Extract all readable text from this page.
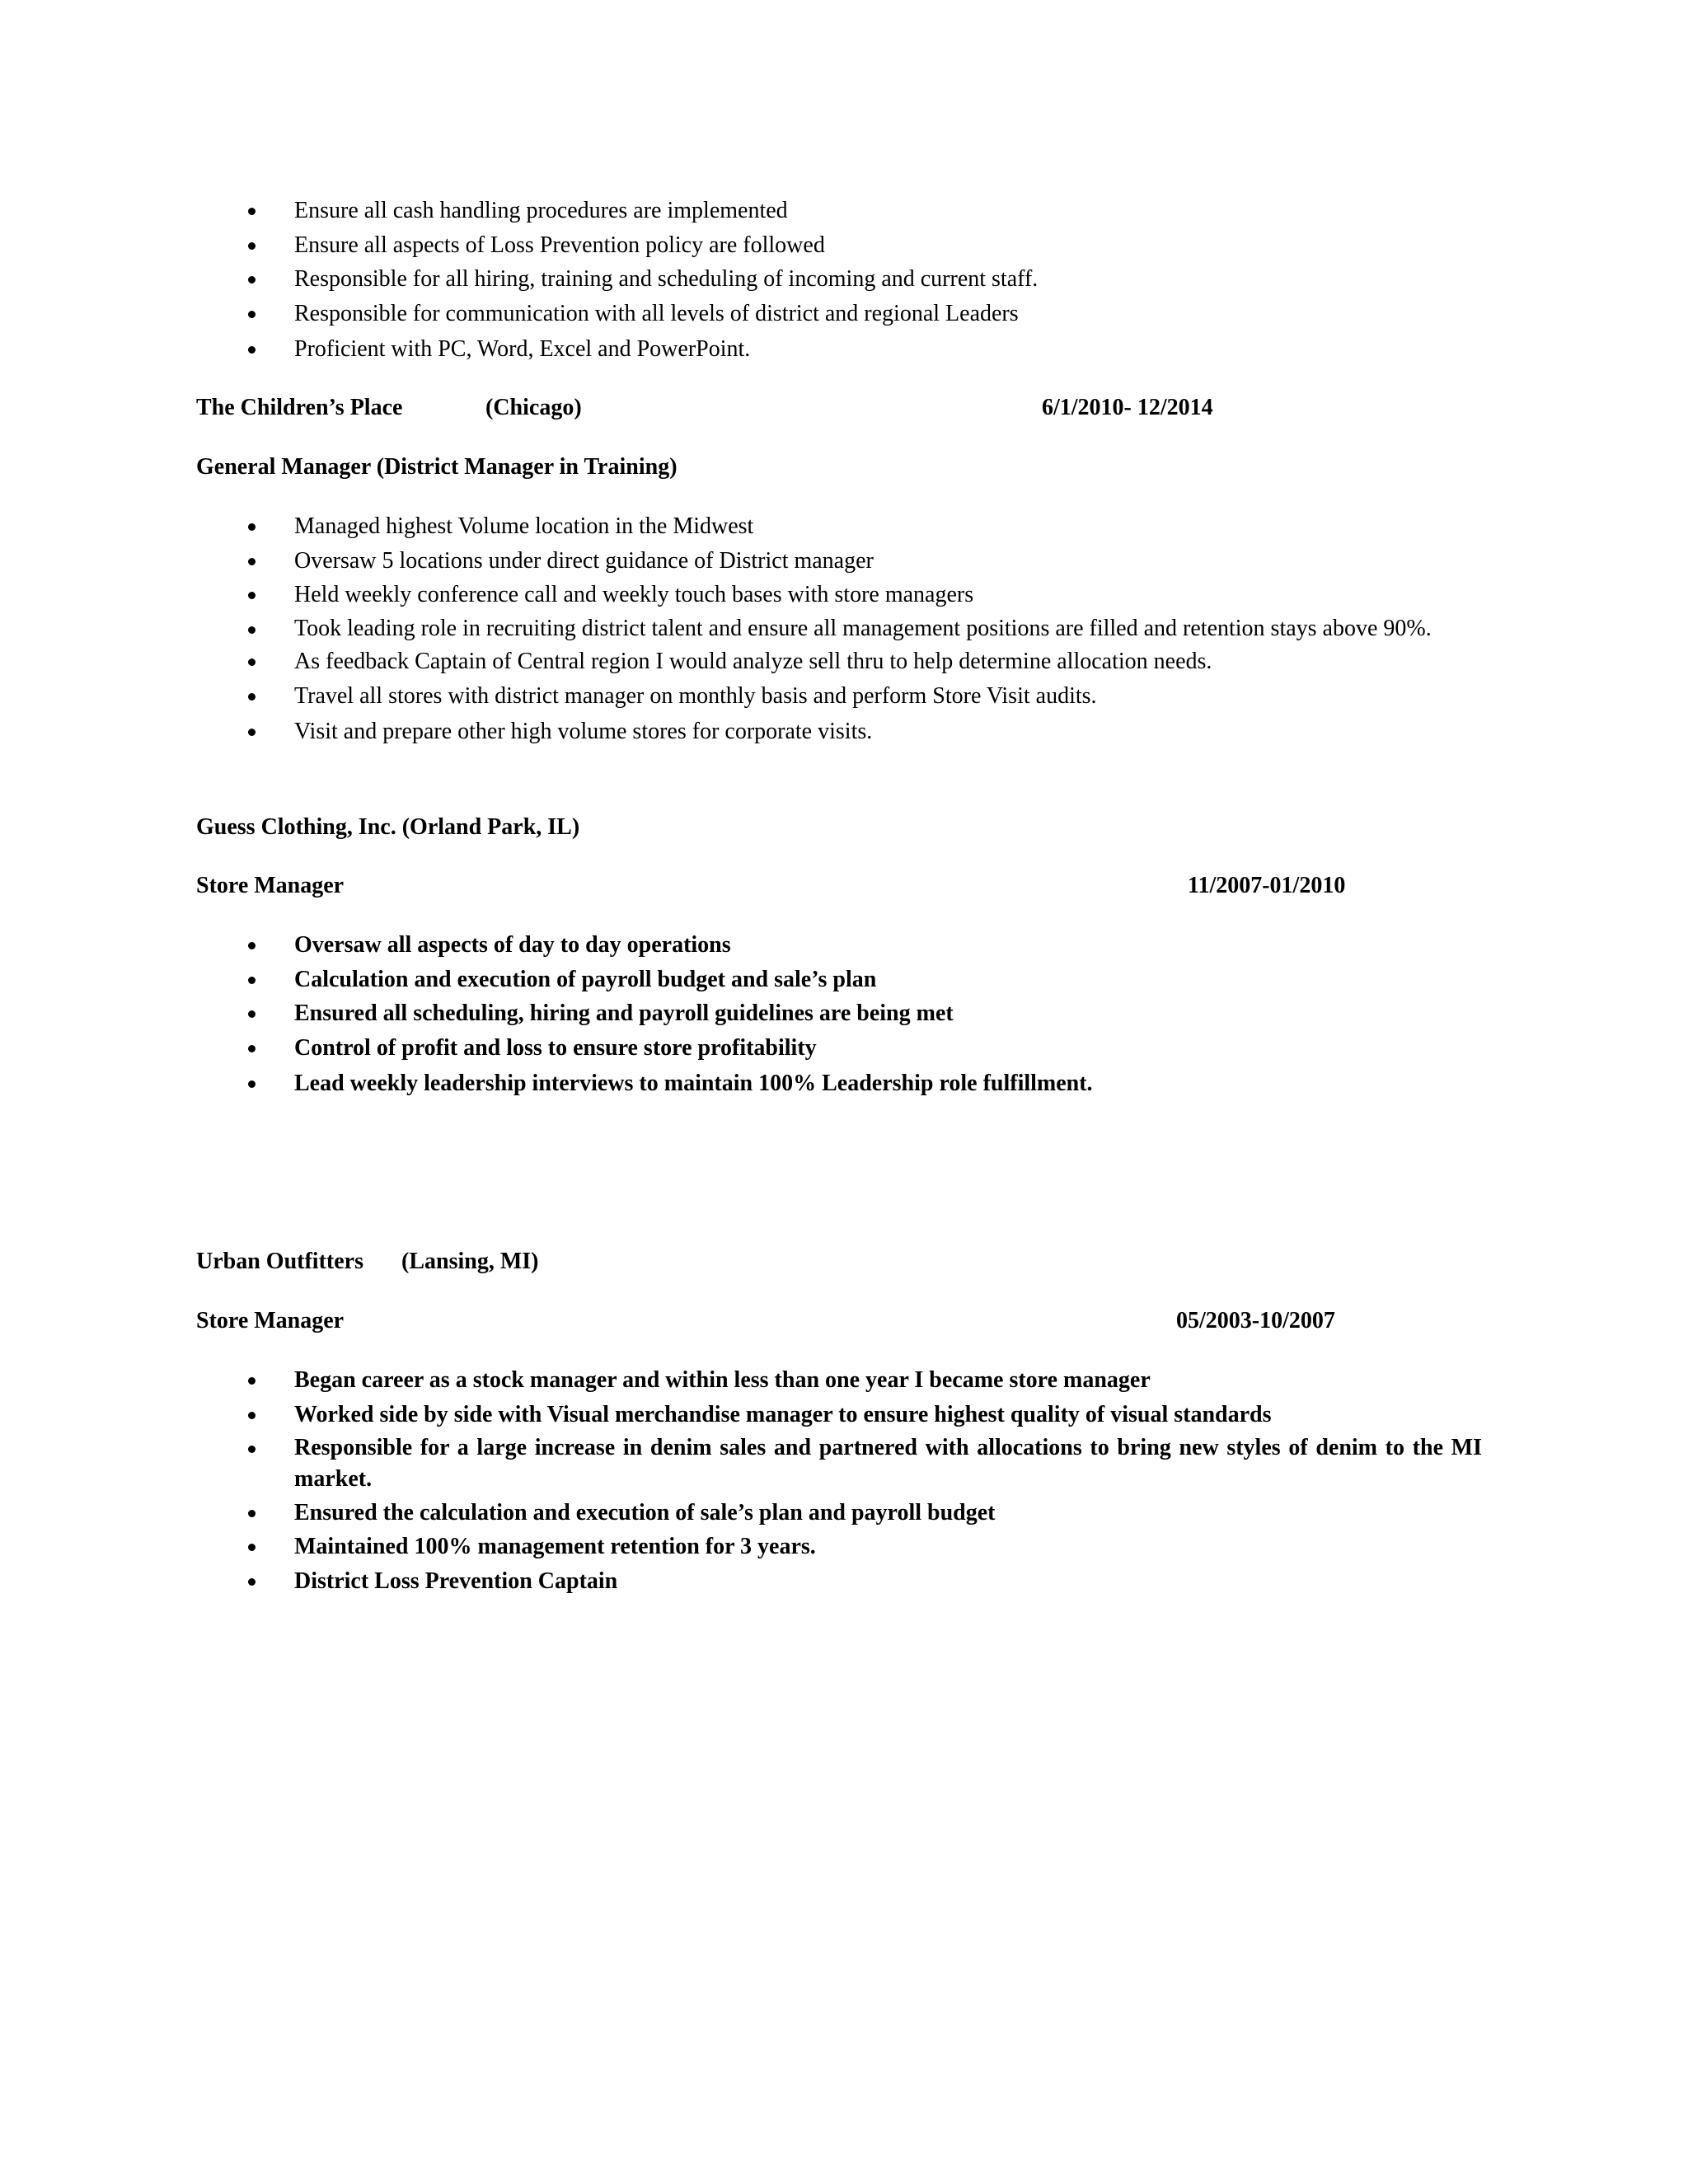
Ensure all cash handling procedures are implemented
Ensure all aspects of Loss Prevention policy are followed
Responsible for all hiring, training and scheduling of incoming and current staff.
Responsible for communication with all levels of district and regional Leaders
Proficient with PC, Word, Excel and PowerPoint.
The Children’s Place	(Chicago)	6/1/2010- 12/2014
General Manager (District Manager in Training)
Managed highest Volume location in the Midwest
Oversaw 5 locations under direct guidance of District manager
Held weekly conference call and weekly touch bases with store managers
Took leading role in recruiting district talent and ensure all management positions are filled and retention stays above 90%.
As feedback Captain of Central region I would analyze sell thru to help determine allocation needs.
Travel all stores with district manager on monthly basis and perform Store Visit audits.
Visit and prepare other high volume stores for corporate visits.
Guess Clothing, Inc. (Orland Park, IL)
Store Manager	11/2007-01/2010
Oversaw all aspects of day to day operations
Calculation and execution of payroll budget and sale’s plan
Ensured all scheduling, hiring and payroll guidelines are being met
Control of profit and loss to ensure store profitability
Lead weekly leadership interviews to maintain 100% Leadership role fulfillment.
Urban Outfitters (Lansing, MI)
Store Manager	05/2003-10/2007
Began career as a stock manager and within less than one year I became store manager
Worked side by side with Visual merchandise manager to ensure highest quality of visual standards
Responsible for a large increase in denim sales and partnered with allocations to bring new styles of denim to the MI market.
Ensured the calculation and execution of sale’s plan and payroll budget
Maintained 100% management retention for 3 years.
District Loss Prevention Captain
